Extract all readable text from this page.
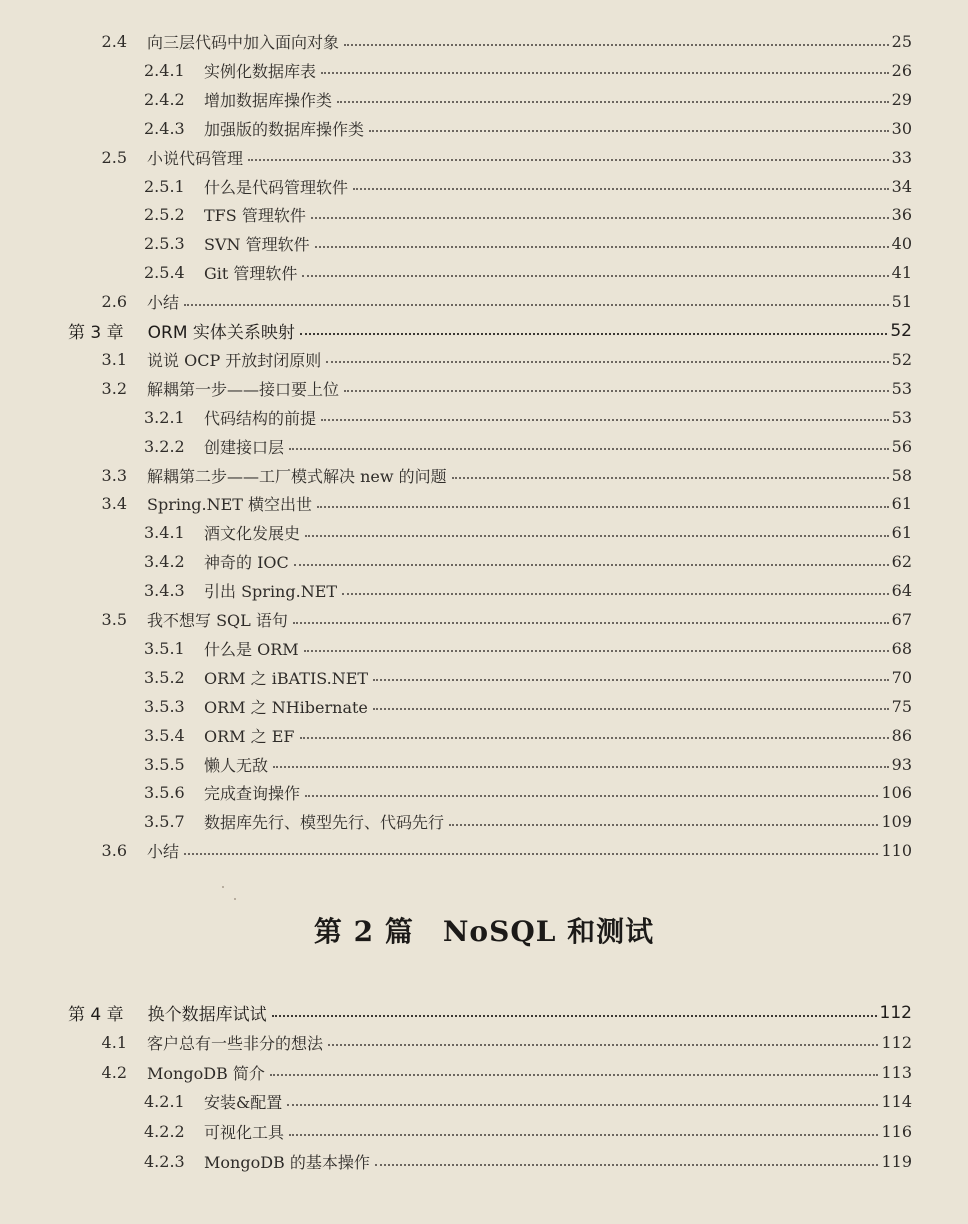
2.4	向三层代码中加入面向对象	25
2.4.1	实例化数据库表	26
2.4.2	增加数据库操作类	29
2.4.3	加强版的数据库操作类	30
2.5	小说代码管理	33
2.5.1	什么是代码管理软件	34
2.5.2	TFS 管理软件	36
2.5.3	SVN 管理软件	40
2.5.4	Git 管理软件	41
2.6	小结	51
第 3 章	ORM 实体关系映射	52
3.1	说说 OCP 开放封闭原则	52
3.2	解耦第一步——接口要上位	53
3.2.1	代码结构的前提	53
3.2.2	创建接口层	56
3.3	解耦第二步——工厂模式解决 new 的问题	58
3.4	Spring.NET 横空出世	61
3.4.1	酒文化发展史	61
3.4.2	神奇的 IOC	62
3.4.3	引出 Spring.NET	64
3.5	我不想写 SQL 语句	67
3.5.1	什么是 ORM	68
3.5.2	ORM 之 iBATIS.NET	70
3.5.3	ORM 之 NHibernate	75
3.5.4	ORM 之 EF	86
3.5.5	懒人无敌	93
3.5.6	完成查询操作	106
3.5.7	数据库先行、模型先行、代码先行	109
3.6	小结	110
第 2 篇　NoSQL 和测试
第 4 章	换个数据库试试	112
4.1	客户总有一些非分的想法	112
4.2	MongoDB 简介	113
4.2.1	安装&配置	114
4.2.2	可视化工具	116
4.2.3	MongoDB 的基本操作	119
